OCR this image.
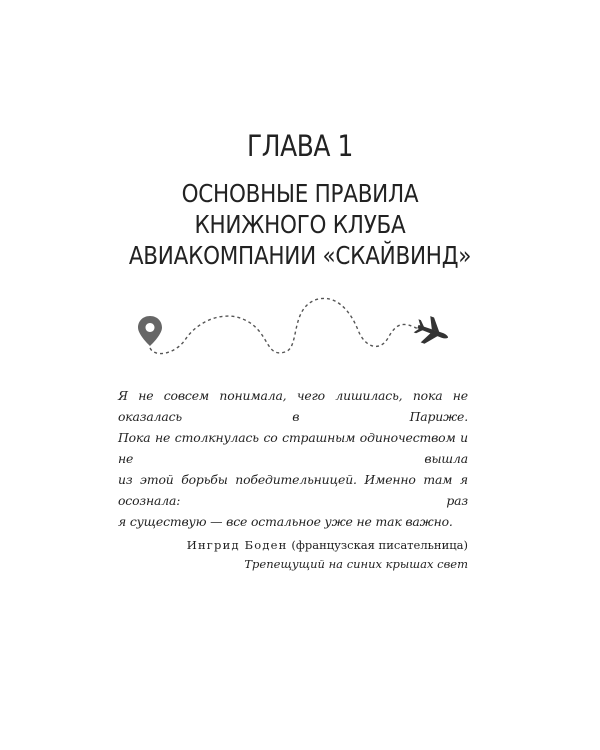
ГЛАВА 1
ОСНОВНЫЕ ПРАВИЛА
КНИЖНОГО КЛУБА
АВИАКОМПАНИИ «СКАЙВИНД»

Я не совсем понимала, чего лишилась, пока не оказалась в Париже.
Пока не столкнулась со страшным одиночеством и не вышла
из этой борьбы победительницей. Именно там я осознала: раз
я существую — все остальное уже не так важно.

Ингрид Боден (французская писательница)
Трепещущий на синих крышах свет
